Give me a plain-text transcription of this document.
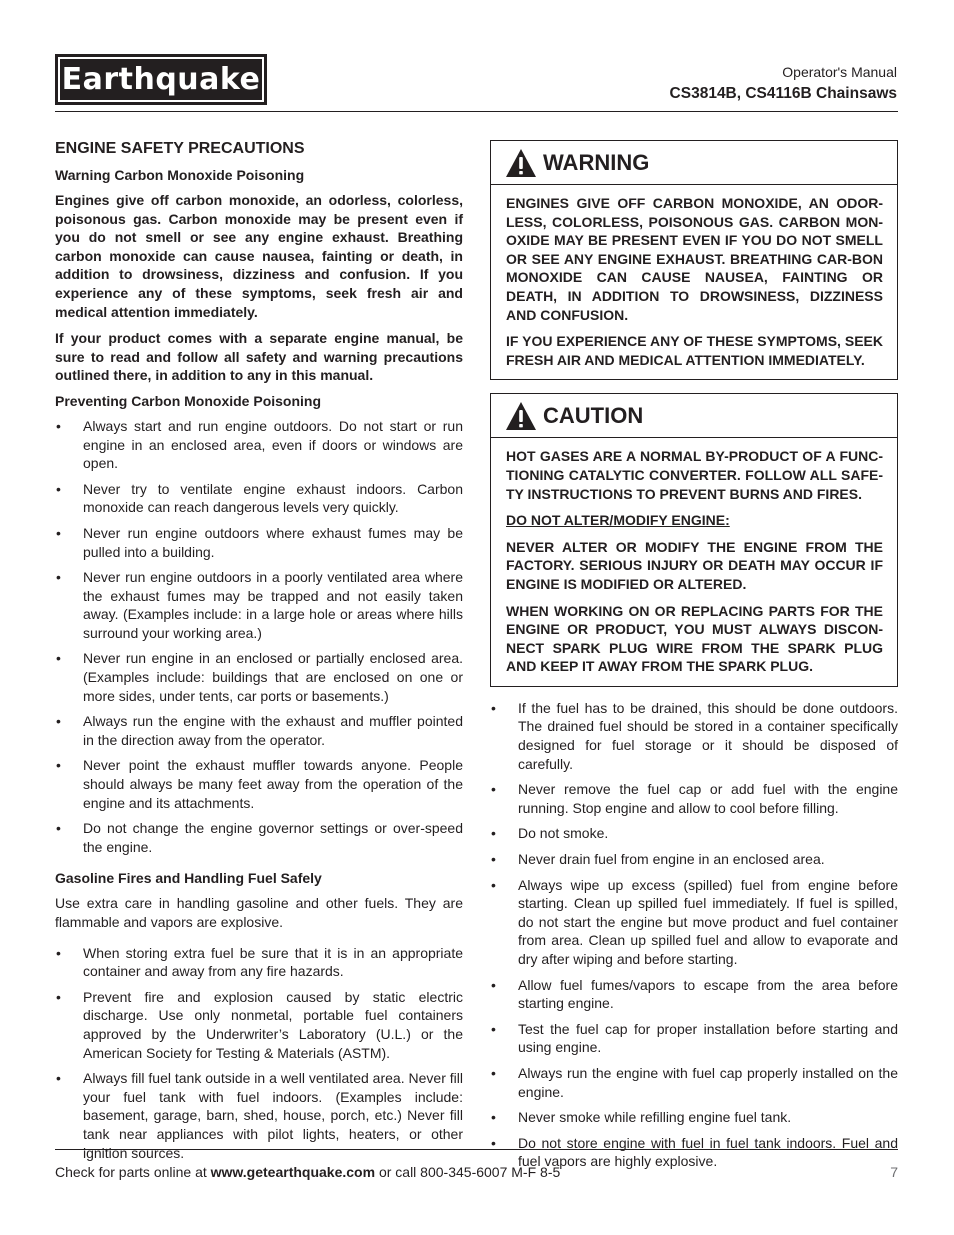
Earthquake	Operator's Manual
CS3814B, CS4116B Chainsaws
ENGINE SAFETY PRECAUTIONS
Warning Carbon Monoxide Poisoning

Engines give off carbon monoxide, an odorless, colorless, poisonous gas. Carbon monoxide may be present even if you do not smell or see any engine exhaust. Breathing carbon monoxide can cause nausea, fainting or death, in addition to drowsiness, dizziness and confusion. If you experience any of these symptoms, seek fresh air and medical attention immediately.

If your product comes with a separate engine manual, be sure to read and follow all safety and warning precautions outlined there, in addition to any in this manual.

Preventing Carbon Monoxide Poisoning
• Always start and run engine outdoors. Do not start or run engine in an enclosed area, even if doors or windows are open.
• Never try to ventilate engine exhaust indoors. Carbon monoxide can reach dangerous levels very quickly.
• Never run engine outdoors where exhaust fumes may be pulled into a building.
• Never run engine outdoors in a poorly ventilated area where the exhaust fumes may be trapped and not easily taken away. (Examples include: in a large hole or areas where hills surround your working area.)
• Never run engine in an enclosed or partially enclosed area. (Examples include: buildings that are enclosed on one or more sides, under tents, car ports or basements.)
• Always run the engine with the exhaust and muffler pointed in the direction away from the operator.
• Never point the exhaust muffler towards anyone. People should always be many feet away from the operation of the engine and its attachments.
• Do not change the engine governor settings or over-speed the engine.
Gasoline Fires and Handling Fuel Safely

Use extra care in handling gasoline and other fuels. They are flammable and vapors are explosive.

• When storing extra fuel be sure that it is in an appropriate container and away from any fire hazards.
• Prevent fire and explosion caused by static electric discharge. Use only nonmetal, portable fuel containers approved by the Underwriter’s Laboratory (U.L.) or the American Society for Testing & Materials (ASTM).
• Always fill fuel tank outside in a well ventilated area. Never fill your fuel tank with fuel indoors. (Examples include: basement, garage, barn, shed, house, porch, etc.) Never fill tank near appliances with pilot lights, heaters, or other ignition sources.
WARNING

ENGINES GIVE OFF CARBON MONOXIDE, AN ODOR-LESS, COLORLESS, POISONOUS GAS. CARBON MON-OXIDE MAY BE PRESENT EVEN IF YOU DO NOT SMELL OR SEE ANY ENGINE EXHAUST. BREATHING CAR-BON MONOXIDE CAN CAUSE NAUSEA, FAINTING OR DEATH, IN ADDITION TO DROWSINESS, DIZZINESS AND CONFUSION.

IF YOU EXPERIENCE ANY OF THESE SYMPTOMS, SEEK FRESH AIR AND MEDICAL ATTENTION IMMEDIATELY.

CAUTION

HOT GASES ARE A NORMAL BY-PRODUCT OF A FUNC-TIONING CATALYTIC CONVERTER. FOLLOW ALL SAFE-TY INSTRUCTIONS TO PREVENT BURNS AND FIRES.

DO NOT ALTER/MODIFY ENGINE:

NEVER ALTER OR MODIFY THE ENGINE FROM THE FACTORY. SERIOUS INJURY OR DEATH MAY OCCUR IF ENGINE IS MODIFIED OR ALTERED.

WHEN WORKING ON OR REPLACING PARTS FOR THE ENGINE OR PRODUCT, YOU MUST ALWAYS DISCON-NECT SPARK PLUG WIRE FROM THE SPARK PLUG AND KEEP IT AWAY FROM THE SPARK PLUG.

• If the fuel has to be drained, this should be done outdoors. The drained fuel should be stored in a container specifically designed for fuel storage or it should be disposed of carefully.
• Never remove the fuel cap or add fuel with the engine running. Stop engine and allow to cool before filling.
• Do not smoke.
• Never drain fuel from engine in an enclosed area.
• Always wipe up excess (spilled) fuel from engine before starting. Clean up spilled fuel immediately. If fuel is spilled, do not start the engine but move product and fuel container from area. Clean up spilled fuel and allow to evaporate and dry after wiping and before starting.
• Allow fuel fumes/vapors to escape from the area before starting engine.
• Test the fuel cap for proper installation before starting and using engine.
• Always run the engine with fuel cap properly installed on the engine.
• Never smoke while refilling engine fuel tank.
• Do not store engine with fuel in fuel tank indoors. Fuel and fuel vapors are highly explosive.
Check for parts online at www.getearthquake.com or call 800-345-6007 M-F 8-5	7
